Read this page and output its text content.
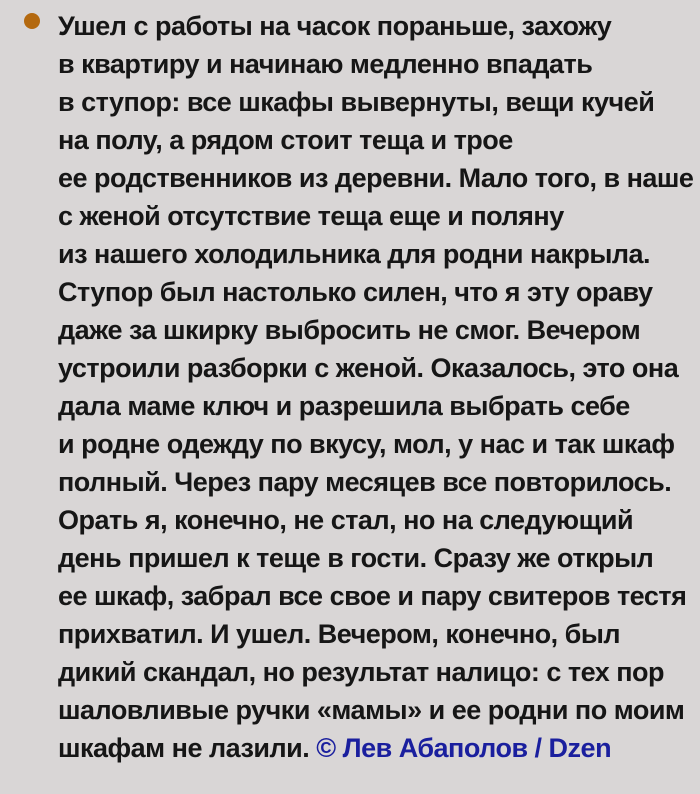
Ушел с работы на часок пораньше, захожу
в квартиру и начинаю медленно впадать
в ступор: все шкафы вывернуты, вещи кучей
на полу, а рядом стоит теща и трое
ее родственников из деревни. Мало того, в наше
с женой отсутствие теща еще и поляну
из нашего холодильника для родни накрыла.
Ступор был настолько силен, что я эту ораву
даже за шкирку выбросить не смог. Вечером
устроили разборки с женой. Оказалось, это она
дала маме ключ и разрешила выбрать себе
и родне одежду по вкусу, мол, у нас и так шкаф
полный. Через пару месяцев все повторилось.
Орать я, конечно, не стал, но на следующий
день пришел к теще в гости. Сразу же открыл
ее шкаф, забрал все свое и пару свитеров тестя
прихватил. И ушел. Вечером, конечно, был
дикий скандал, но результат налицо: с тех пор
шаловливые ручки «мамы» и ее родни по моим
шкафам не лазили. © Лев Абаполов / Dzen
